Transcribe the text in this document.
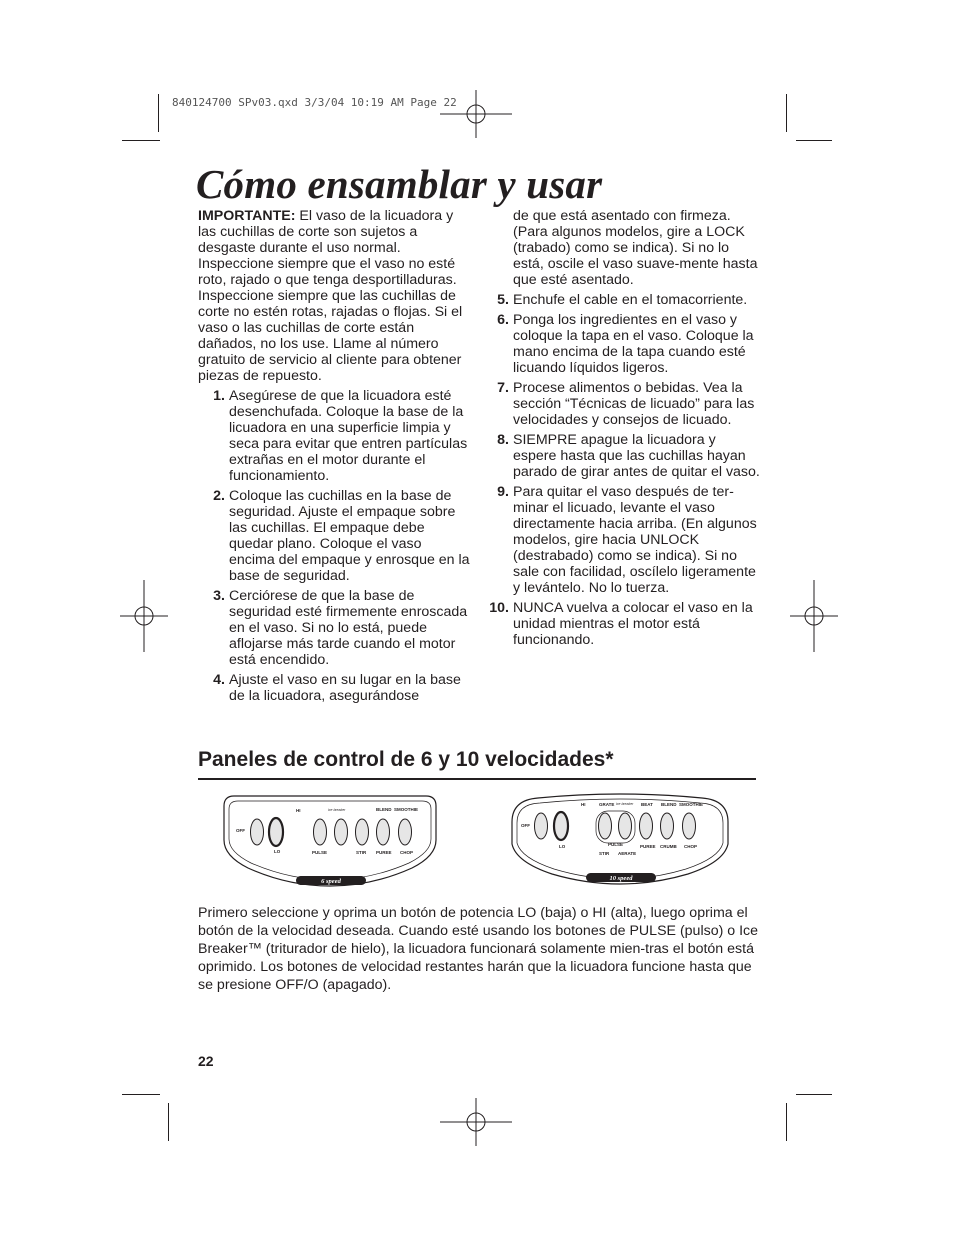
840124700 SPv03.qxd 3/3/04 10:19 AM Page 22
Cómo ensamblar y usar

IMPORTANTE: El vaso de la licuadora y las cuchillas de corte son sujetos a desgaste durante el uso normal. Inspeccione siempre que el vaso no esté roto, rajado o que tenga desportilladuras. Inspeccione siempre que las cuchillas de corte no estén rotas, rajadas o flojas. Si el vaso o las cuchillas de corte están dañados, no los use. Llame al número gratuito de servicio al cliente para obtener piezas de repuesto.

1. Asegúrese de que la licuadora esté desenchufada. Coloque la base de la licuadora en una superficie limpia y seca para evitar que entren partículas extrañas en el motor durante el funcionamiento.
2. Coloque las cuchillas en la base de seguridad. Ajuste el empaque sobre las cuchillas. El empaque debe quedar plano. Coloque el vaso encima del empaque y enrosque en la base de seguridad.
3. Cerciórese de que la base de seguridad esté firmemente enroscada en el vaso. Si no lo está, puede aflojarse más tarde cuando el motor está encendido.
4. Ajuste el vaso en su lugar en la base de la licuadora, asegurándose

de que está asentado con firmeza. (Para algunos modelos, gire a LOCK (trabado) como se indica). Si no lo está, oscile el vaso suave-mente hasta que esté asentado.

5. Enchufe el cable en el tomacorriente.
6. Ponga los ingredientes en el vaso y coloque la tapa en el vaso. Coloque la mano encima de la tapa cuando esté licuando líquidos ligeros.
7. Procese alimentos o bebidas. Vea la sección “Técnicas de licuado” para las velocidades y consejos de licuado.
8. SIEMPRE apague la licuadora y espere hasta que las cuchillas hayan parado de girar antes de quitar el vaso.
9. Para quitar el vaso después de ter-minar el licuado, levante el vaso directamente hacia arriba. (En algunos modelos, gire hacia UNLOCK (destrabado) como se indica). Si no sale con facilidad, oscílelo ligeramente y levántelo. No lo tuerza.
10. NUNCA vuelva a colocar el vaso en la unidad mientras el motor está funcionando.
Paneles de control de 6 y 10 velocidades*
OFF
HI
LO
ice breaker	BLEND SMOOTHIE
PULSE	STIR PUREE CHOP
6 speed
OFF
HI
LO
GRATE ice breaker BEAT BLEND SMOOTHIE
PULSE
STIR AERATE
PUREE CRUMB CHOP
10 speed

Primero seleccione y oprima un botón de potencia LO (baja) o HI (alta), luego oprima el botón de la velocidad deseada. Cuando esté usando los botones de PULSE (pulso) o Ice Breaker™ (triturador de hielo), la licuadora funcionará solamente mien-tras el botón está oprimido. Los botones de velocidad restantes harán que la licuadora funcione hasta que se presione OFF/O (apagado).

22
